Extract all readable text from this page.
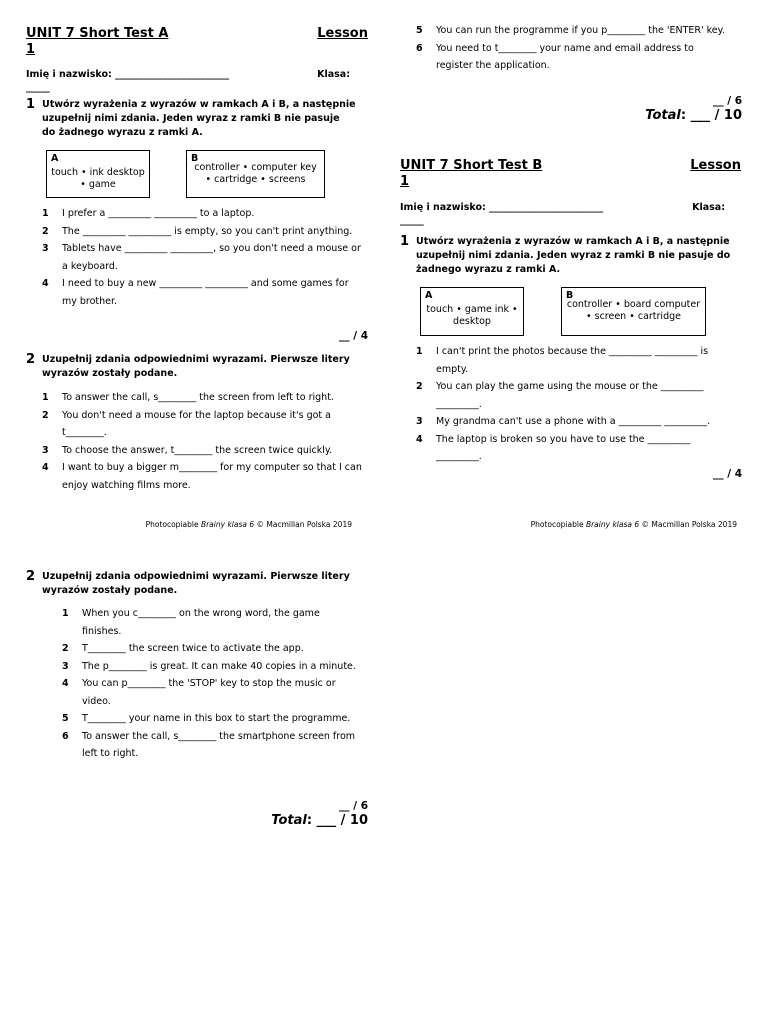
UNIT 7 Short Test A	Lesson
1
Imię i nazwisko: ________________________	Klasa:
_____
1 Utwórz wyrażenia z wyrazów w ramkach A i B, a następnie uzupełnij nimi zdania. Jeden wyraz z ramki B nie pasuje do żadnego wyrazu z ramki A.
A
touch • ink desktop • game
B
controller • computer key • cartridge • screens
1	I prefer a _________ _________ to a laptop.
2	The _________ _________ is empty, so you can't print anything.
3	Tablets have _________ _________, so you don't need a mouse or a keyboard.
4	I need to buy a new _________ _________ and some games for my brother.
__ / 4
2 Uzupełnij zdania odpowiednimi wyrazami. Pierwsze litery wyrazów zostały podane.
1	To answer the call, s________ the screen from left to right.
2	You don't need a mouse for the laptop because it's got a t________.
3	To choose the answer, t________ the screen twice quickly.
4	I want to buy a bigger m________ for my computer so that I can enjoy watching films more.
Photocopiable Brainy klasa 6 © Macmillan Polska 2019
5	You can run the programme if you p________ the 'ENTER' key.
6	You need to t________ your name and email address to register the application.
__ / 6
Total: ___ / 10
UNIT 7 Short Test B	Lesson
1
Imię i nazwisko: ________________________	Klasa:
_____
1 Utwórz wyrażenia z wyrazów w ramkach A i B, a następnie uzupełnij nimi zdania. Jeden wyraz z ramki B nie pasuje do żadnego wyrazu z ramki A.
A
touch • game ink • desktop
B
controller • board computer • screen • cartridge
1	I can't print the photos because the _________ _________ is empty.
2	You can play the game using the mouse or the _________ _________.
3	My grandma can't use a phone with a _________ _________.
4	The laptop is broken so you have to use the _________ _________.
__ / 4
Photocopiable Brainy klasa 6 © Macmillan Polska 2019
2 Uzupełnij zdania odpowiednimi wyrazami. Pierwsze litery wyrazów zostały podane.
1	When you c________ on the wrong word, the game finishes.
2	T________ the screen twice to activate the app.
3	The p________ is great. It can make 40 copies in a minute.
4	You can p________ the 'STOP' key to stop the music or video.
5	T________ your name in this box to start the programme.
6	To answer the call, s________ the smartphone screen from left to right.
__ / 6
Total: ___ / 10
